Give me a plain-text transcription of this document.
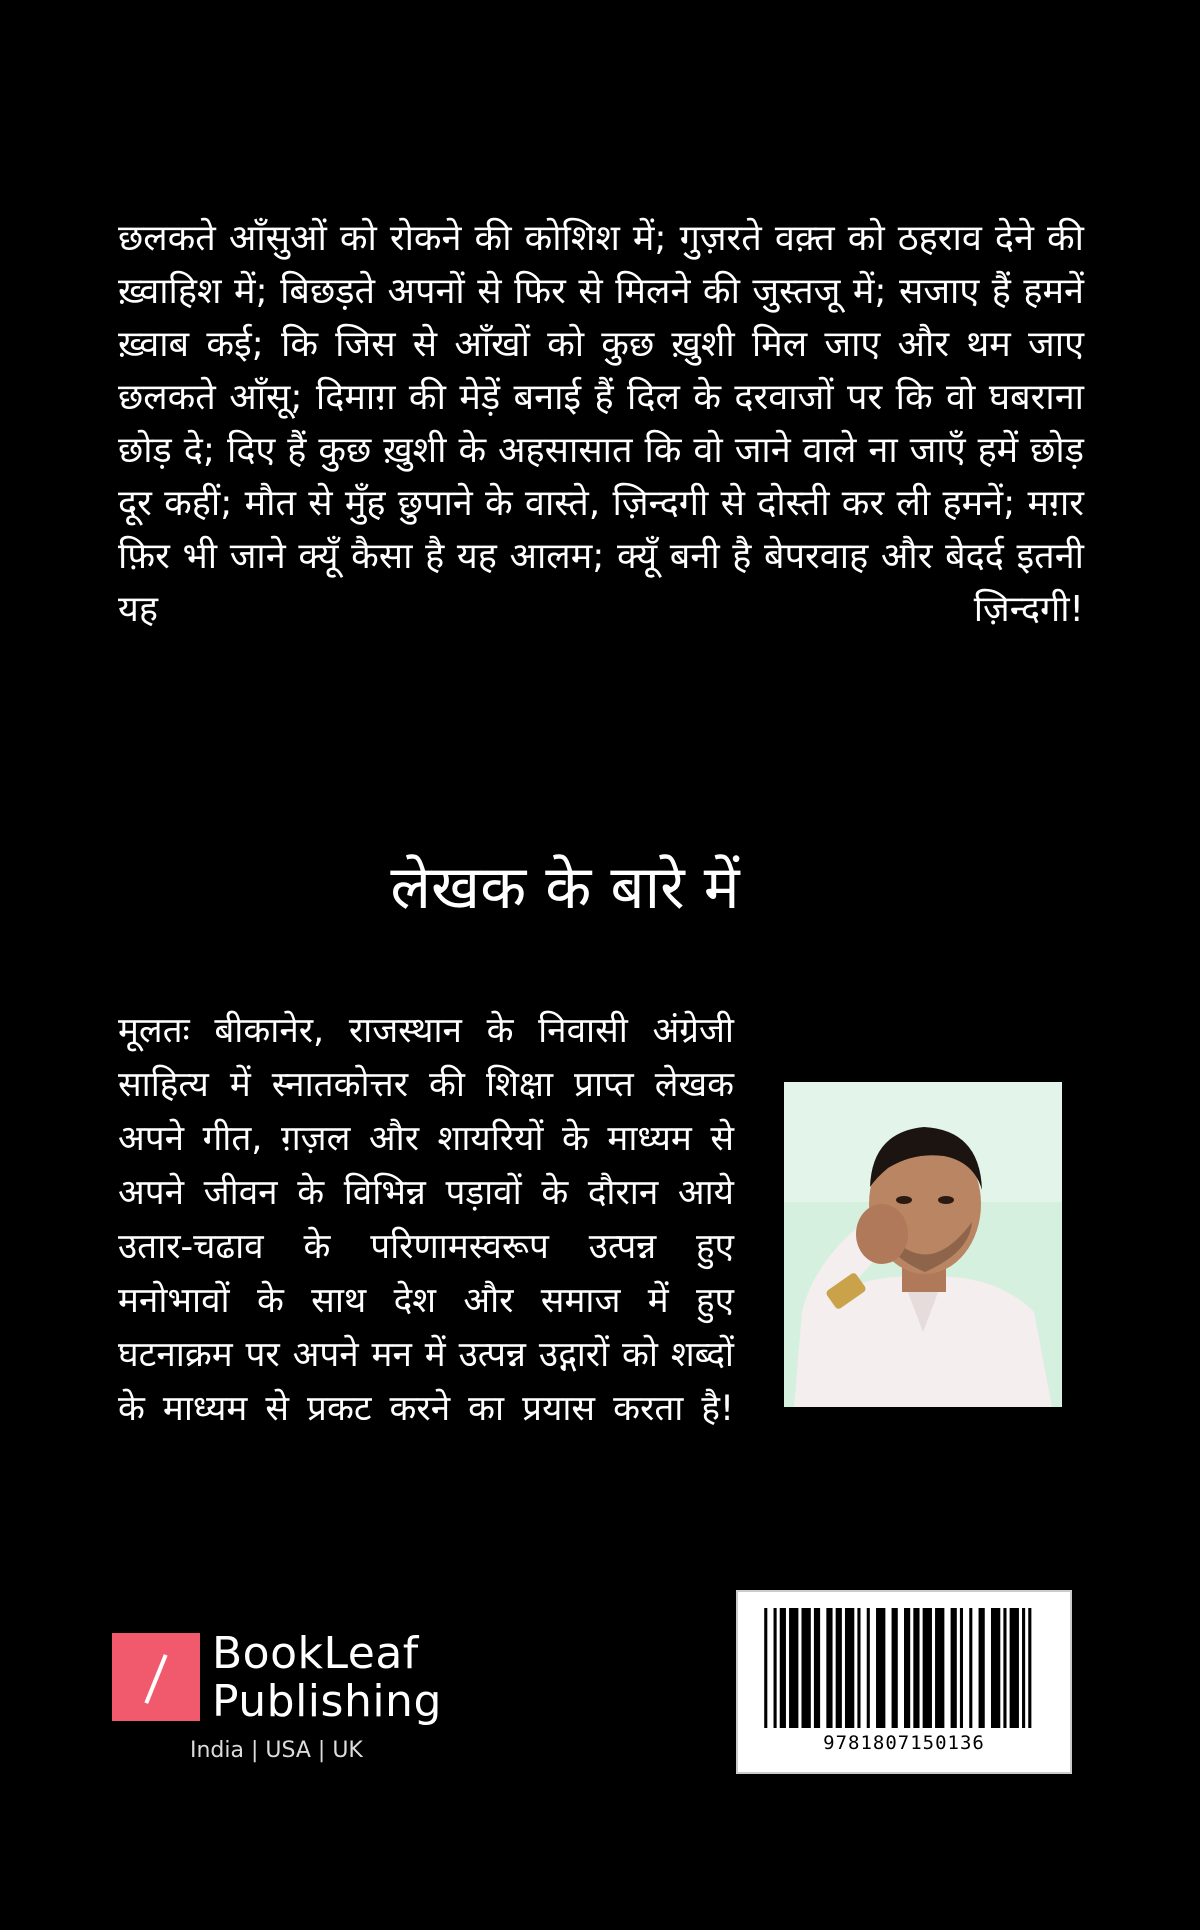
छलकते आँसुओं को रोकने की कोशिश में; गुज़रते वक़्त को ठहराव देने की ख़्वाहिश में; बिछड़ते अपनों से फिर से मिलने की जुस्तजू में; सजाए हैं हमनें ख़्वाब कई; कि जिस से आँखों को कुछ ख़ुशी मिल जाए और थम जाए छलकते आँसू; दिमाग़ की मेड़ें बनाई हैं दिल के दरवाजों पर कि वो घबराना छोड़ दे; दिए हैं कुछ ख़ुशी के अहसासात कि वो जाने वाले ना जाएँ हमें छोड़ दूर कहीं; मौत से मुँह छुपाने के वास्ते, ज़िन्दगी से दोस्ती कर ली हमनें; मग़र फ़िर भी जाने क्यूँ कैसा है यह आलम; क्यूँ बनी है बेपरवाह और बेदर्द इतनी यह ज़िन्दगी!

लेखक के बारे में

मूलतः बीकानेर, राजस्थान के निवासी अंग्रेजी साहित्य में स्नातकोत्तर की शिक्षा प्राप्त लेखक अपने गीत, ग़ज़ल और शायरियों के माध्यम से अपने जीवन के विभिन्न पड़ावों के दौरान आये उतार-चढाव के परिणामस्वरूप उत्पन्न हुए मनोभावों के साथ देश और समाज में हुए घटनाक्रम पर अपने मन में उत्पन्न उद्गारों को शब्दों के माध्यम से प्रकट करने का प्रयास करता है!

BookLeaf
Publishing
India | USA | UK	9781807150136
